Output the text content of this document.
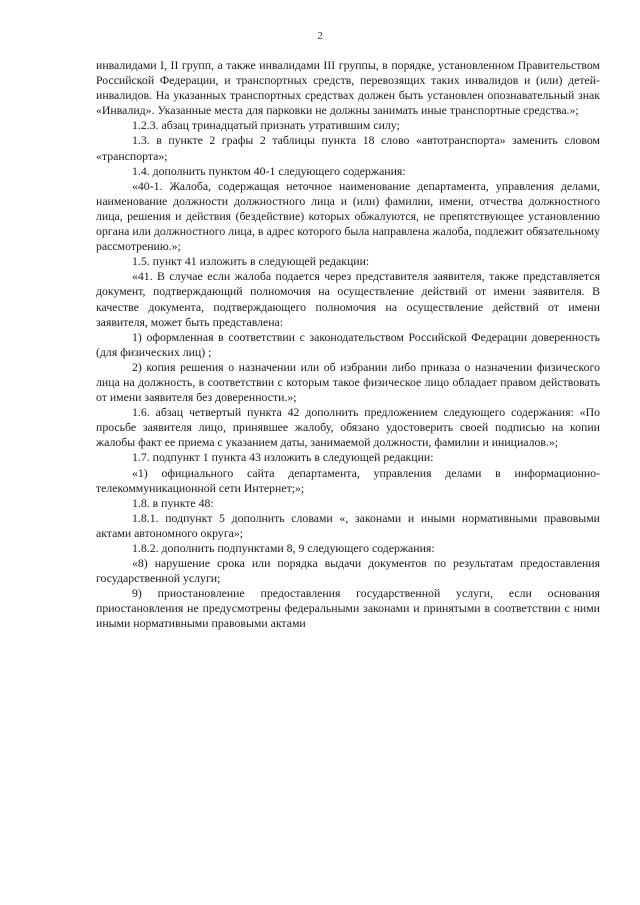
2

инвалидами I, II групп, а также инвалидами III группы, в порядке, установленном Правительством Российской Федерации, и транспортных средств, перевозящих таких инвалидов и (или) детей-инвалидов. На указанных транспортных средствах должен быть установлен опознавательный знак «Инвалид». Указанные места для парковки не должны занимать иные транспортные средства.»;

1.2.3. абзац тринадцатый признать утратившим силу;

1.3. в пункте 2 графы 2 таблицы пункта 18 слово «автотранспорта» заменить словом «транспорта»;

1.4. дополнить пунктом 40-1 следующего содержания:

«40-1. Жалоба, содержащая неточное наименование департамента, управления делами, наименование должности должностного лица и (или) фамилии, имени, отчества должностного лица, решения и действия (бездействие) которых обжалуются, не препятствующее установлению органа или должностного лица, в адрес которого была направлена жалоба, подлежит обязательному рассмотрению.»;

1.5. пункт 41 изложить в следующей редакции:

«41. В случае если жалоба подается через представителя заявителя, также представляется документ, подтверждающий полномочия на осуществление действий от имени заявителя. В качестве документа, подтверждающего полномочия на осуществление действий от имени заявителя, может быть представлена:

1) оформленная в соответствии с законодательством Российской Федерации доверенность (для физических лиц) ;

2) копия решения о назначении или об избрании либо приказа о назначении физического лица на должность, в соответствии с которым такое физическое лицо обладает правом действовать от имени заявителя без доверенности.»;

1.6. абзац четвертый пункта 42 дополнить предложением следующего содержания: «По просьбе заявителя лицо, принявшее жалобу, обязано удостоверить своей подписью на копии жалобы факт ее приема с указанием даты, занимаемой должности, фамилии и инициалов.»;

1.7. подпункт 1 пункта 43 изложить в следующей редакции:

«1) официального сайта департамента, управления делами в информационно-телекоммуникационной сети Интернет;»;

1.8. в пункте 48:

1.8.1. подпункт 5 дополнить словами «, законами и иными нормативными правовыми актами автономного округа»;

1.8.2. дополнить подпунктами 8, 9 следующего содержания:

«8) нарушение срока или порядка выдачи документов по результатам предоставления государственной услуги;

9) приостановление предоставления государственной услуги, если основания приостановления не предусмотрены федеральными законами и принятыми в соответствии с ними иными нормативными правовыми актами
